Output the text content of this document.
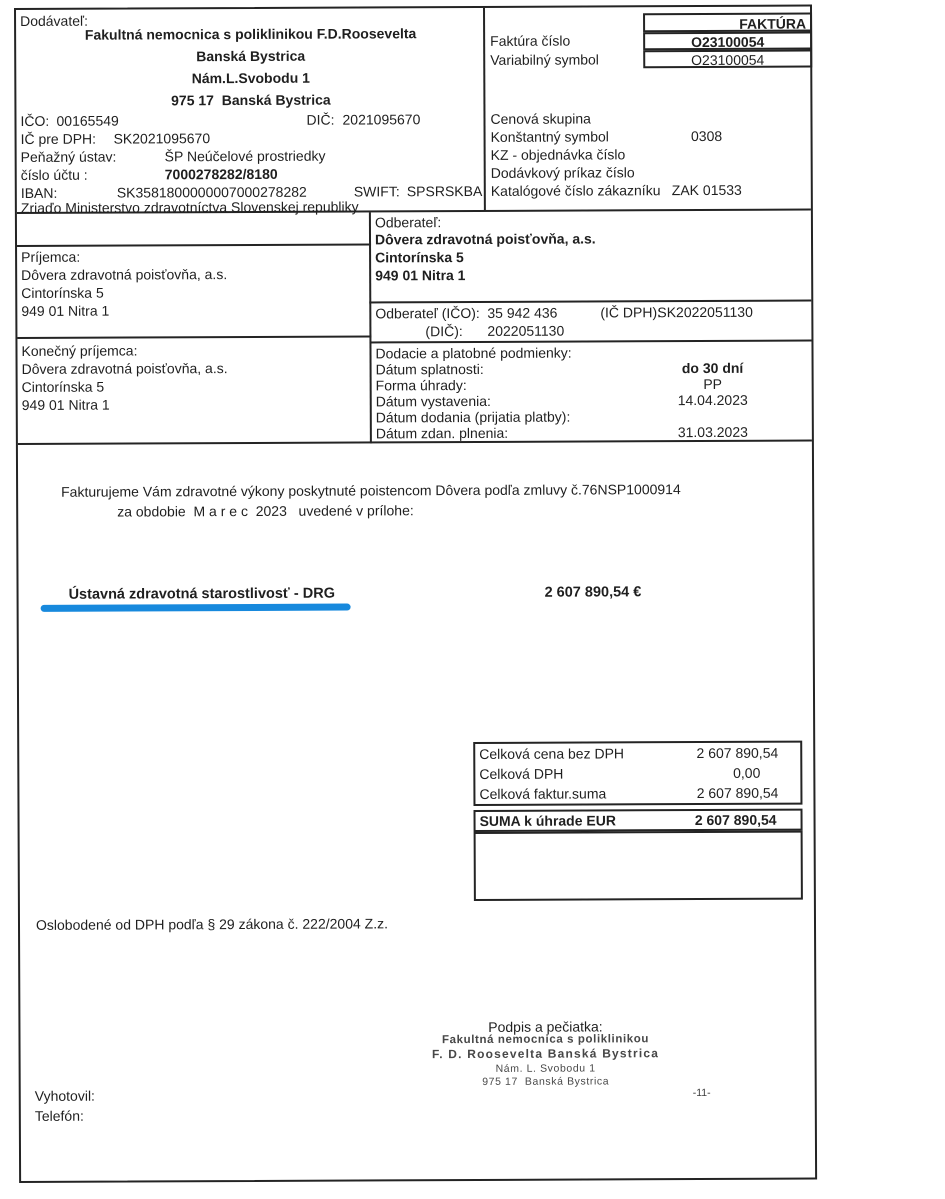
Dodávateľ:
Fakultná nemocnica s poliklinikou F.D.Roosevelta
Banská Bystrica
Nám.L.Svobodu 1
975 17  Banská Bystrica
IČO: 00165549	DIČ: 2021095670
IČ pre DPH: SK2021095670
Peňažný ústav:	ŠP Neúčelové prostriedky
číslo účtu :	7000278282/8180
IBAN:	SK3581800000007000278282	SWIFT: SPSRSKBA
Zriaďo Ministerstvo zdravotníctva Slovenskej republiky
FAKTÚRA
Faktúra číslo	O23100054
Variabilný symbol	O23100054
Cenová skupina
Konštantný symbol	0308
KZ - objednávka číslo
Dodávkový príkaz číslo
Katalógové číslo zákazníku ZAK 01533
Odberateľ:
Dôvera zdravotná poisťovňa, a.s.
Cintorínska 5
949 01 Nitra 1
Odberateľ (IČO): 35 942 436	(IČ DPH):
SK2022051130
(DIČ): 2022051130
Príjemca:
Dôvera zdravotná poisťovňa, a.s.
Cintorínska 5
949 01 Nitra 1
Konečný príjemca:
Dôvera zdravotná poisťovňa, a.s.
Cintorínska 5
949 01 Nitra 1
Dodacie a platobné podmienky:
Dátum splatnosti:	do 30 dní
Forma úhrady:	PP
Dátum vystavenia:	14.04.2023
Dátum dodania (prijatia platby):
Dátum zdan. plnenia:	31.03.2023
Fakturujeme Vám zdravotné výkony poskytnuté poistencom Dôvera podľa zmluvy č.76NSP1000914
za obdobie  M a r e c  2023   uvedené v prílohe:
Ústavná zdravotná starostlivosť - DRG	2 607 890,54 €
Celková cena bez DPH	2 607 890,54
Celková DPH	0,00
Celková faktur.suma	2 607 890,54
SUMA k úhrade EUR	2 607 890,54
Oslobodené od DPH podľa § 29 zákona č. 222/2004 Z.z.
Podpis a pečiatka:
Fakultná nemocnica s poliklinikou
F. D. Roosevelta Banská Bystrica
Nám. L. Svobodu 1
975 17  Banská Bystrica
-11-
Vyhotovil:
Telefón:
